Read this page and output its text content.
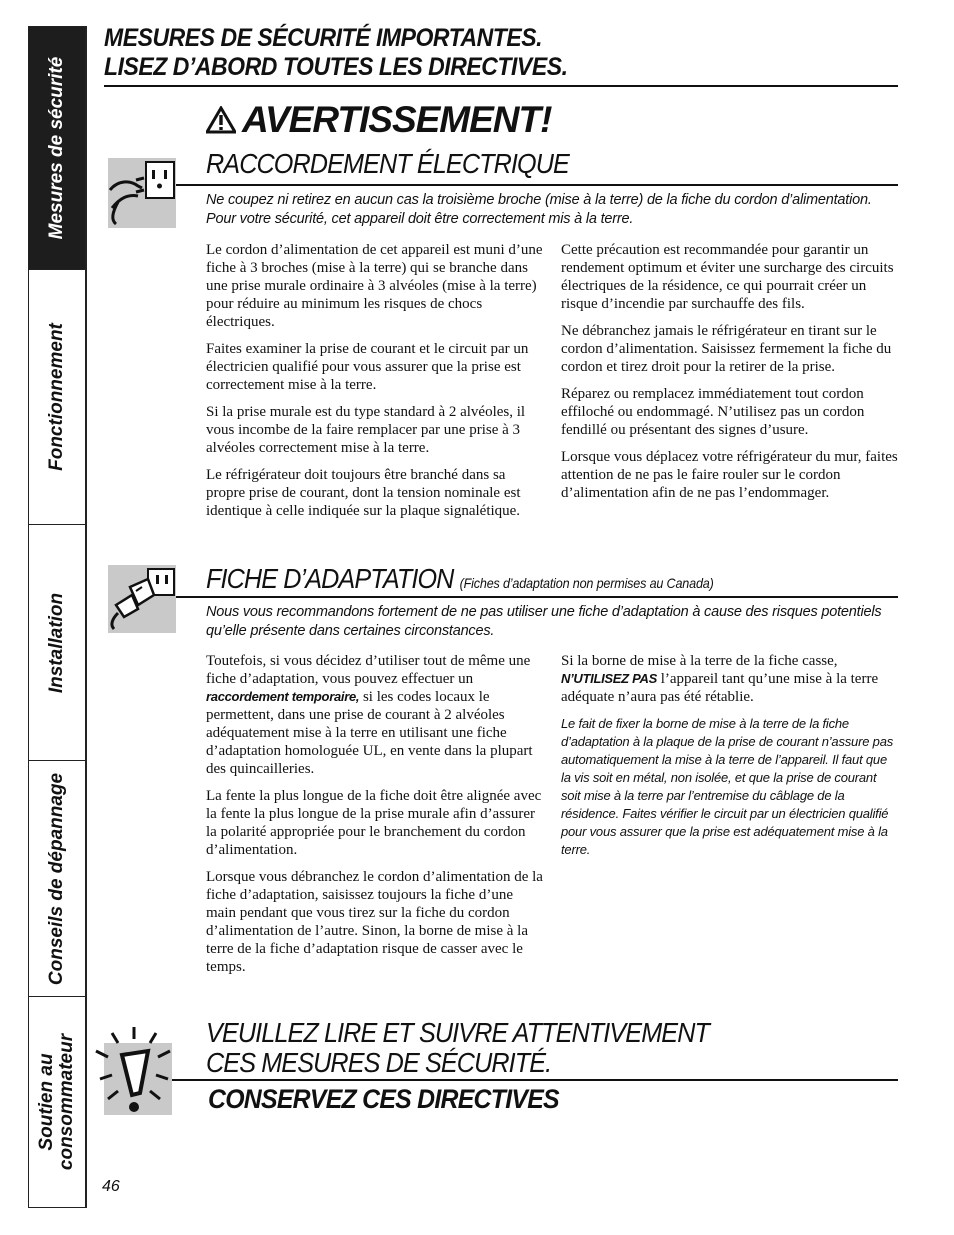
Mesures de sécurité
Fonctionnement
Installation
Conseils de dépannage
Soutien au consommateur
MESURES DE SÉCURITÉ IMPORTANTES.
LISEZ D’ABORD TOUTES LES DIRECTIVES.
AVERTISSEMENT!
RACCORDEMENT ÉLECTRIQUE
Ne coupez ni retirez en aucun cas la troisième broche (mise à la terre) de la fiche du cordon d’alimentation. Pour votre sécurité, cet appareil doit être correctement mis à la terre.

Le cordon d’alimentation de cet appareil est muni d’une fiche à 3 broches (mise à la terre) qui se branche dans une prise murale ordinaire à 3 alvéoles (mise à la terre) pour réduire au minimum les risques de chocs électriques.

Faites examiner la prise de courant et le circuit par un électricien qualifié pour vous assurer que la prise est correctement mise à la terre.

Si la prise murale est du type standard à 2 alvéoles, il vous incombe de la faire remplacer par une prise à 3 alvéoles correctement mise à la terre.

Le réfrigérateur doit toujours être branché dans sa propre prise de courant, dont la tension nominale est identique à celle indiquée sur la plaque signalétique.

Cette précaution est recommandée pour garantir un rendement optimum et éviter une surcharge des circuits électriques de la résidence, ce qui pourrait créer un risque d’incendie par surchauffe des fils.

Ne débranchez jamais le réfrigérateur en tirant sur le cordon d’alimentation. Saisissez fermement la fiche du cordon et tirez droit pour la retirer de la prise.

Réparez ou remplacez immédiatement tout cordon effiloché ou endommagé. N’utilisez pas un cordon fendillé ou présentant des signes d’usure.

Lorsque vous déplacez votre réfrigérateur du mur, faites attention de ne pas le faire rouler sur le cordon d’alimentation afin de ne pas l’endommager.

FICHE D’ADAPTATION (Fiches d’adaptation non permises au Canada)
Nous vous recommandons fortement de ne pas utiliser une fiche d’adaptation à cause des risques potentiels qu’elle présente dans certaines circonstances.

Toutefois, si vous décidez d’utiliser tout de même une fiche d’adaptation, vous pouvez effectuer un raccordement temporaire, si les codes locaux le permettent, dans une prise de courant à 2 alvéoles adéquatement mise à la terre en utilisant une fiche d’adaptation homologuée UL, en vente dans la plupart des quincailleries.

La fente la plus longue de la fiche doit être alignée avec la fente la plus longue de la prise murale afin d’assurer la polarité appropriée pour le branchement du cordon d’alimentation.

Lorsque vous débranchez le cordon d’alimentation de la fiche d’adaptation, saisissez toujours la fiche d’une main pendant que vous tirez sur la fiche du cordon d’alimentation de l’autre. Sinon, la borne de mise à la terre de la fiche d’adaptation risque de casser avec le temps.

Si la borne de mise à la terre de la fiche casse, N’UTILISEZ PAS l’appareil tant qu’une mise à la terre adéquate n’aura pas été rétablie.

Le fait de fixer la borne de mise à la terre de la fiche d’adaptation à la plaque de la prise de courant n’assure pas automatiquement la mise à la terre de l’appareil. Il faut que la vis soit en métal, non isolée, et que la prise de courant soit mise à la terre par l’entremise du câblage de la résidence. Faites vérifier le circuit par un électricien qualifié pour vous assurer que la prise est adéquatement mise à la terre.

VEUILLEZ LIRE ET SUIVRE ATTENTIVEMENT
CES MESURES DE SÉCURITÉ.
CONSERVEZ CES DIRECTIVES
46
